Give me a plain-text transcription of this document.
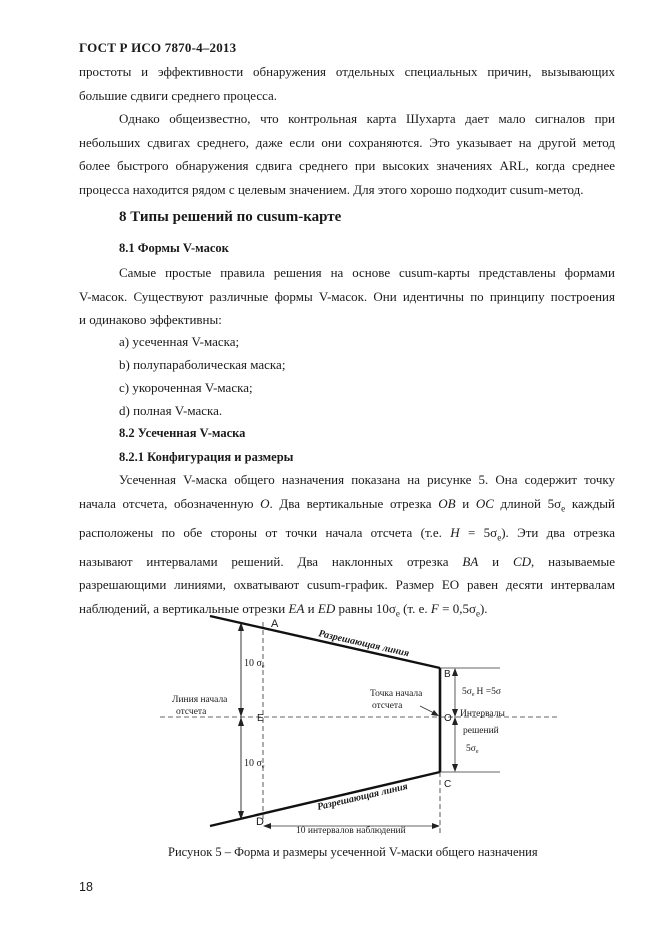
ГОСТ Р ИСО 7870-4–2013
простоты и эффективности обнаружения отдельных специальных причин, вызывающих
большие сдвиги среднего процесса.
Однако общеизвестно, что контрольная карта Шухарта дает мало сигналов при
небольших сдвигах среднего, даже если они сохраняются. Это указывает на другой метод
более быстрого обнаружения сдвига среднего при высоких значениях ARL, когда среднее
процесса находится рядом с целевым значением. Для этого хорошо подходит cusum-метод.
8 Типы решений по cusum-карте
8.1 Формы V-масок
Самые простые правила решения на основе cusum-карты представлены формами
V-масок. Существуют различные формы V-масок. Они идентичны по принципу построения
и одинаково эффективны:
a) усеченная V-маска;
b) полупараболическая маска;
c) укороченная V-маска;
d) полная V-маска.
8.2 Усеченная V-маска
8.2.1 Конфигурация и размеры
Усеченная V-маска общего назначения показана на рисунке 5. Она содержит точку
начала отсчета, обозначенную O. Два вертикальные отрезка OB и OC длиной $5\sigma_e$ каждый
расположены по обе стороны от точки начала отсчета (т.е. $H = 5\sigma_e$). Эти два отрезка
называют интервалами решений. Два наклонных отрезка BA и CD, называемые
разрешающими линиями, охватывают cusum-график. Размер EO равен десяти интервалам
наблюдений, а вертикальные отрезки EA и ED равны $10\sigma_e$ (т. е. $F = 0,5\sigma_e$).
A
B
C
D
E	O
Разрешающая линия
Разрешающая линия
10 $\sigma_e$
10 $\sigma_e$
Линия начала
отсчета
Точка начала
отсчета
$5\sigma_e$ H =5σ
Интервалы
решений
$5\sigma_e$
10 интервалов наблюдений
Рисунок 5 – Форма и размеры усеченной V-маски общего назначения
18
